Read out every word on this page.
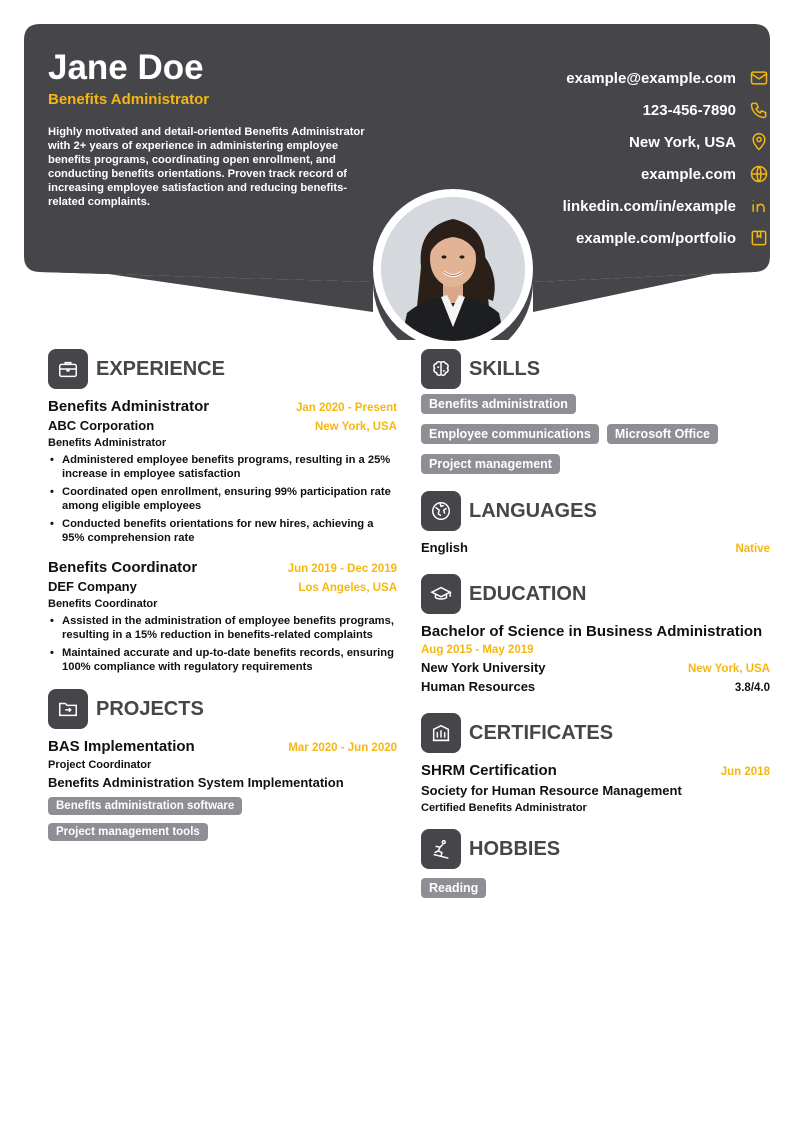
Jane Doe
Benefits Administrator
Highly motivated and detail-oriented Benefits Administrator with 2+ years of experience in administering employee benefits programs, coordinating open enrollment, and conducting benefits orientations. Proven track record of increasing employee satisfaction and reducing benefits-related complaints.
example@example.com
123-456-7890
New York, USA
example.com
linkedin.com/in/example
example.com/portfolio
EXPERIENCE
Benefits Administrator	Jan 2020 - Present
ABC Corporation	New York, USA
Benefits Administrator
• Administered employee benefits programs, resulting in a 25% increase in employee satisfaction
• Coordinated open enrollment, ensuring 99% participation rate among eligible employees
• Conducted benefits orientations for new hires, achieving a 95% comprehension rate
Benefits Coordinator	Jun 2019 - Dec 2019
DEF Company	Los Angeles, USA
Benefits Coordinator
• Assisted in the administration of employee benefits programs, resulting in a 15% reduction in benefits-related complaints
• Maintained accurate and up-to-date benefits records, ensuring 100% compliance with regulatory requirements
PROJECTS
BAS Implementation	Mar 2020 - Jun 2020
Project Coordinator
Benefits Administration System Implementation
Benefits administration software
Project management tools
SKILLS
Benefits administration
Employee communications Microsoft Office
Project management
LANGUAGES
English	Native
EDUCATION
Bachelor of Science in Business Administration
Aug 2015 - May 2019
New York University	New York, USA
Human Resources	3.8/4.0
CERTIFICATES
SHRM Certification	Jun 2018
Society for Human Resource Management
Certified Benefits Administrator
HOBBIES
Reading
